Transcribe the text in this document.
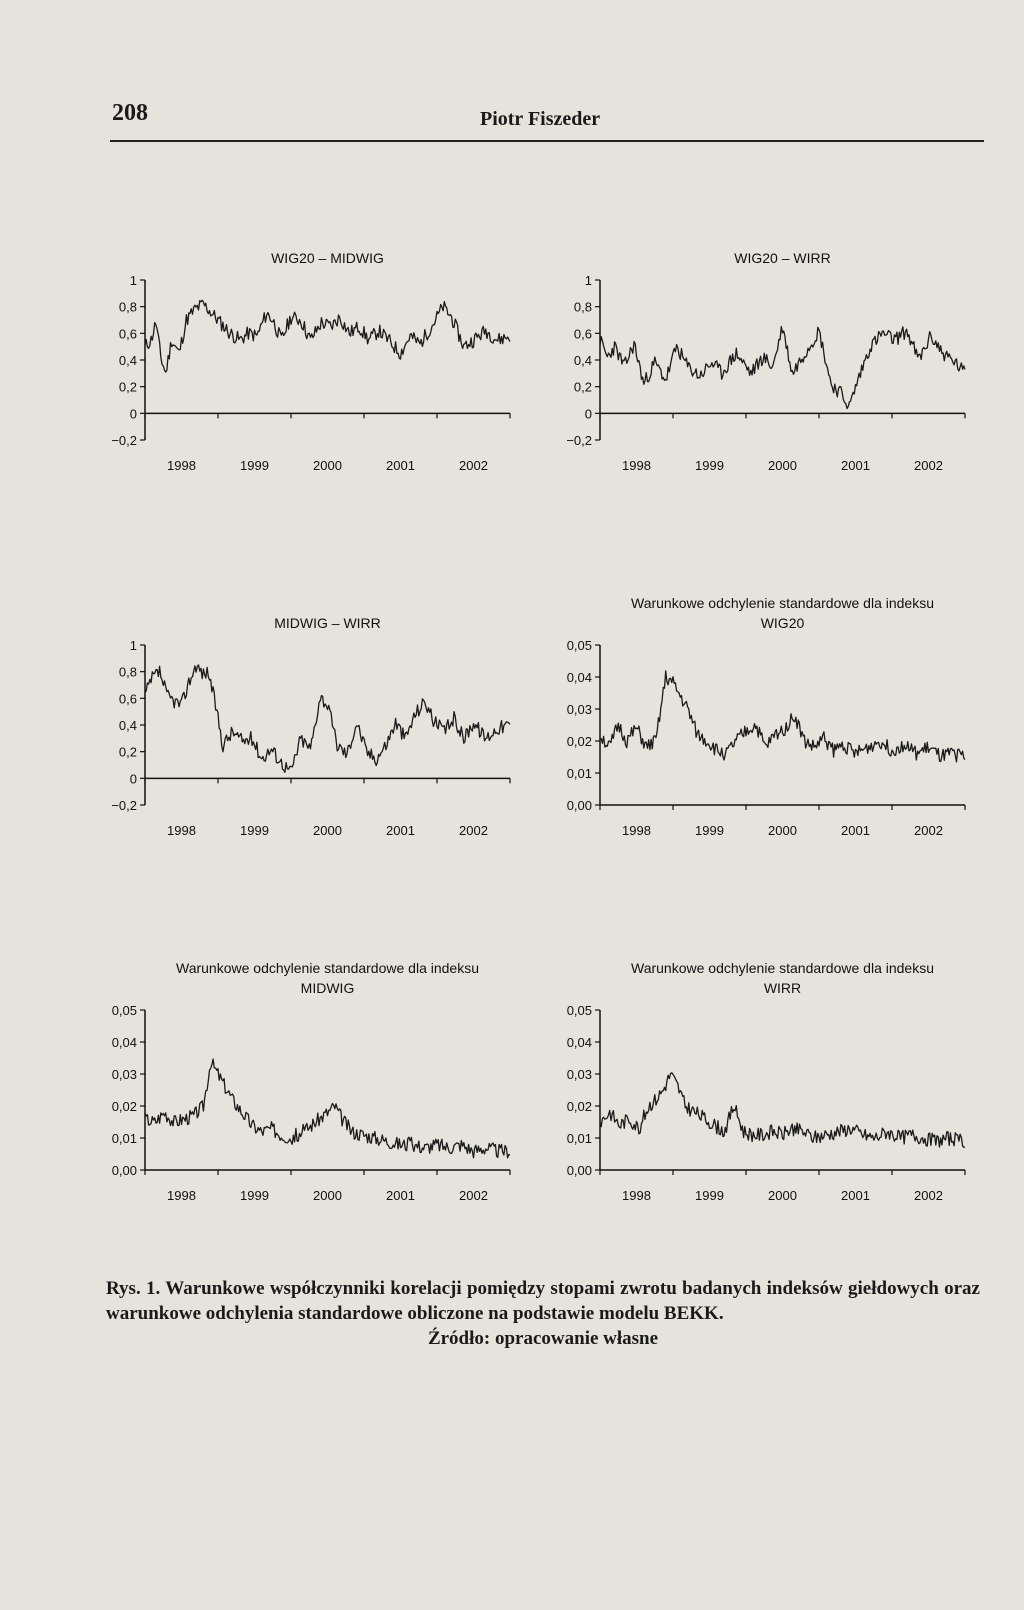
208	Piotr Fiszeder
WIG20 – MIDWIG
−0,2
0
0,2
0,4
0,6
0,8
1
1998	1999	2000	2001	2002
WIG20 – WIRR
−0,2
0
0,2
0,4
0,6
0,8
1
1998	1999	2000	2001	2002
MIDWIG – WIRR
−0,2
0
0,2
0,4
0,6
0,8
1
1998	1999	2000	2001	2002
Warunkowe odchylenie standardowe dla indeksu
WIG20
0,00
0,01
0,02
0,03
0,04
0,05
1998	1999	2000	2001	2002
Warunkowe odchylenie standardowe dla indeksu
MIDWIG
0,00
0,01
0,02
0,03
0,04
0,05
1998	1999	2000	2001	2002
Warunkowe odchylenie standardowe dla indeksu
WIRR
0,00
0,01
0,02
0,03
0,04
0,05
1998	1999	2000	2001	2002
Rys. 1. Warunkowe współczynniki korelacji pomiędzy stopami zwrotu badanych indeksów giełdowych oraz warunkowe odchylenia standardowe obliczone na podstawie modelu BEKK.
Źródło: opracowanie własne
